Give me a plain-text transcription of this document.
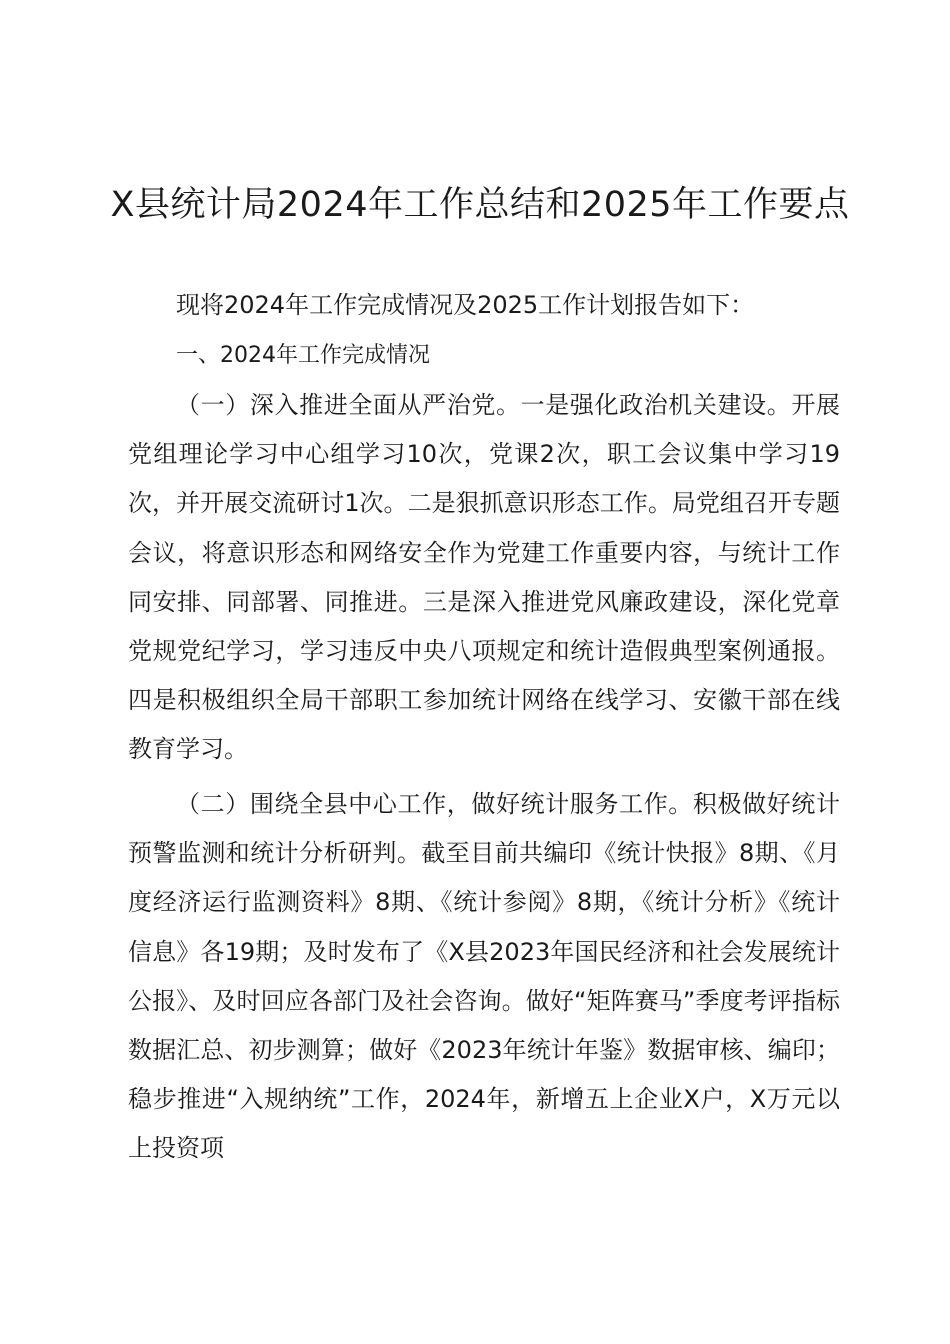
X县统计局2024年工作总结和2025年工作要点

现将2024年工作完成情况及2025工作计划报告如下：

一、2024年工作完成情况

（一）深入推进全面从严治党。一是强化政治机关建设。开展党组理论学习中心组学习10次，党课2次，职工会议集中学习19次，并开展交流研讨1次。二是狠抓意识形态工作。局党组召开专题会议，将意识形态和网络安全作为党建工作重要内容，与统计工作同安排、同部署、同推进。三是深入推进党风廉政建设，深化党章党规党纪学习，学习违反中央八项规定和统计造假典型案例通报。四是积极组织全局干部职工参加统计网络在线学习、安徽干部在线教育学习。

（二）围绕全县中心工作，做好统计服务工作。积极做好统计预警监测和统计分析研判。截至目前共编印《统计快报》8期、《月度经济运行监测资料》8期、《统计参阅》8期，《统计分析》《统计信息》各19期；及时发布了《X县2023年国民经济和社会发展统计公报》、及时回应各部门及社会咨询。做好“矩阵赛马”季度考评指标数据汇总、初步测算；做好《2023年统计年鉴》数据审核、编印；稳步推进“入规纳统”工作，2024年，新增五上企业X户，X万元以上投资项
